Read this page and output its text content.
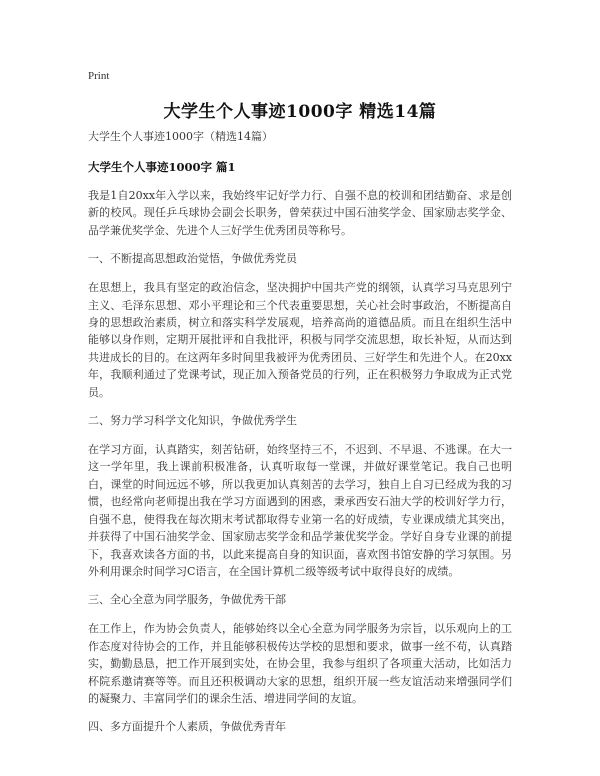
Print
大学生个人事迹1000字 精选14篇
大学生个人事迹1000字（精选14篇）
大学生个人事迹1000字 篇1
我是1自20xx年入学以来，我始终牢记好学力行、自强不息的校训和团结勤奋、求是创新的校风。现任乒乓球协会副会长职务，曾荣获过中国石油奖学金、国家励志奖学金、品学兼优奖学金、先进个人三好学生优秀团员等称号。
一、不断提高思想政治觉悟，争做优秀党员
在思想上，我具有坚定的政治信念，坚决拥护中国共产党的纲领，认真学习马克思列宁主义、毛泽东思想、邓小平理论和三个代表重要思想，关心社会时事政治，不断提高自身的思想政治素质，树立和落实科学发展观，培养高尚的道德品质。而且在组织生活中能够以身作则，定期开展批评和自我批评，积极与同学交流思想，取长补短，从而达到共进成长的目的。在这两年多时间里我被评为优秀团员、三好学生和先进个人。在20xx年，我顺利通过了党课考试，现正加入预备党员的行列，正在积极努力争取成为正式党员。
二、努力学习科学文化知识，争做优秀学生
在学习方面，认真踏实，刻苦钻研，始终坚持三不，不迟到、不早退、不逃课。在大一这一学年里，我上课前积极准备，认真听取每一堂课，并做好课堂笔记。我自己也明白，课堂的时间远远不够，所以我更加认真刻苦的去学习，独自上自习已经成为我的习惯，也经常向老师提出我在学习方面遇到的困惑，秉承西安石油大学的校训好学力行，自强不息，使得我在每次期末考试都取得专业第一名的好成绩，专业课成绩尤其突出，并获得了中国石油奖学金、国家励志奖学金和品学兼优奖学金。学好自身专业课的前提下，我喜欢读各方面的书，以此来提高自身的知识面，喜欢图书馆安静的学习氛围。另外利用课余时间学习C语言，在全国计算机二级等级考试中取得良好的成绩。
三、全心全意为同学服务，争做优秀干部
在工作上，作为协会负责人，能够始终以全心全意为同学服务为宗旨，以乐观向上的工作态度对待协会的工作，并且能够积极传达学校的思想和要求，做事一丝不苟，认真踏实，勤勤恳恳，把工作开展到实处，在协会里，我参与组织了各项重大活动，比如活力杯院系邀请赛等等。而且还积极调动大家的思想，组织开展一些友谊活动来增强同学们的凝聚力、丰富同学们的课余生活、增进同学间的友谊。
四、多方面提升个人素质，争做优秀青年
